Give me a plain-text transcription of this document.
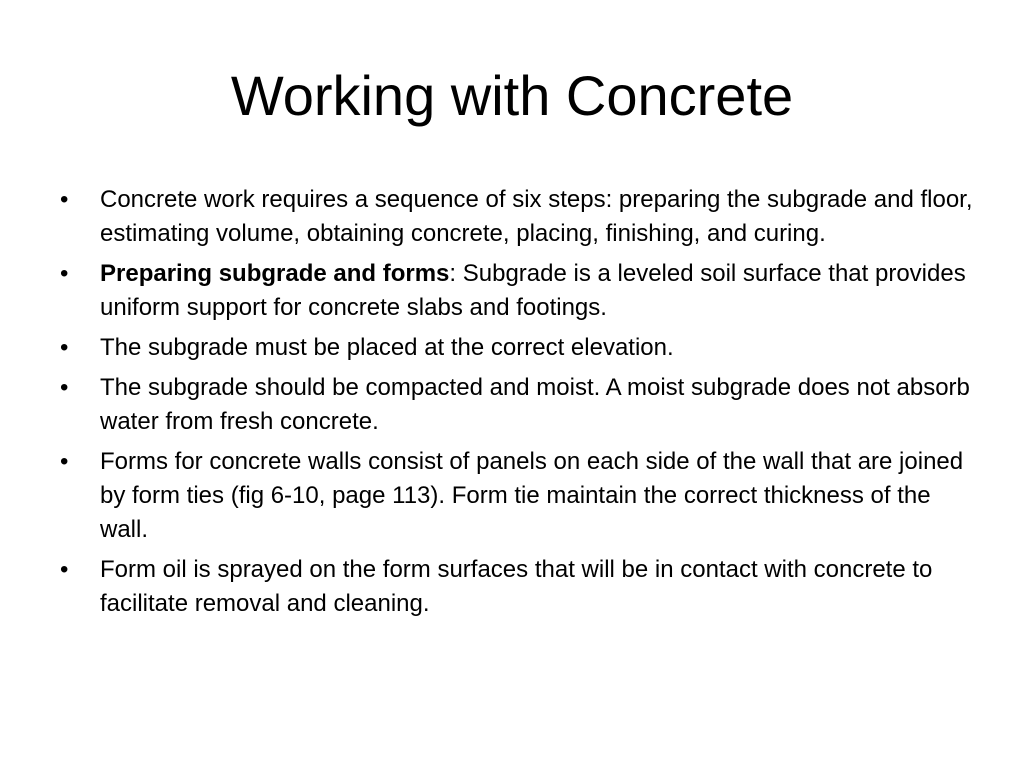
Working with Concrete
•	Concrete work requires a sequence of six steps: preparing the subgrade and floor, estimating volume, obtaining concrete, placing, finishing, and curing.
•	Preparing subgrade and forms: Subgrade is a leveled soil surface that provides uniform support for concrete slabs and footings.
•	The subgrade must be placed at the correct elevation.
•	The subgrade should be compacted and moist. A moist subgrade does not absorb water from fresh concrete.
•	Forms for concrete walls consist of panels on each side of the wall that are joined by form ties (fig 6-10, page 113). Form tie maintain the correct thickness of the wall.
•	Form oil is sprayed on the form surfaces that will be in contact with concrete to facilitate removal and cleaning.
